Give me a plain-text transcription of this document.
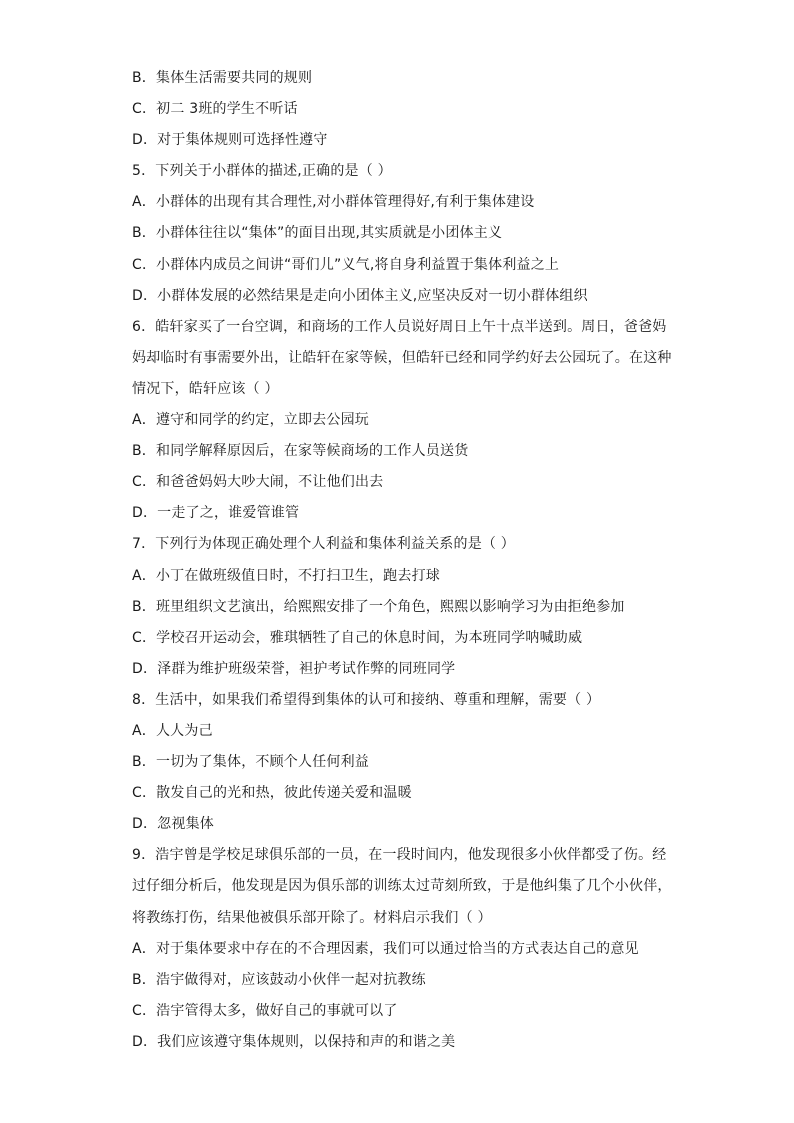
B．集体生活需要共同的规则
C．初二 3班的学生不听话
D．对于集体规则可选择性遵守
5．下列关于小群体的描述,正确的是（ ）
A．小群体的出现有其合理性,对小群体管理得好,有利于集体建设
B．小群体往往以“集体”的面目出现,其实质就是小团体主义
C．小群体内成员之间讲“哥们儿”义气,将自身利益置于集体利益之上
D．小群体发展的必然结果是走向小团体主义,应坚决反对一切小群体组织
6．皓轩家买了一台空调，和商场的工作人员说好周日上午十点半送到。周日，爸爸妈
妈却临时有事需要外出，让皓轩在家等候，但皓轩已经和同学约好去公园玩了。在这种
情况下，皓轩应该（ ）
A．遵守和同学的约定，立即去公园玩
B．和同学解释原因后，在家等候商场的工作人员送货
C．和爸爸妈妈大吵大闹，不让他们出去
D．一走了之，谁爱管谁管
7．下列行为体现正确处理个人利益和集体利益关系的是（ ）
A．小丁在做班级值日时，不打扫卫生，跑去打球
B．班里组织文艺演出，给熙熙安排了一个角色，熙熙以影响学习为由拒绝参加
C．学校召开运动会，雅琪牺牲了自己的休息时间，为本班同学呐喊助威
D．泽群为维护班级荣誉，袒护考试作弊的同班同学
8．生活中，如果我们希望得到集体的认可和接纳、尊重和理解，需要（ ）
A．人人为己
B．一切为了集体，不顾个人任何利益
C．散发自己的光和热，彼此传递关爱和温暖
D．忽视集体
9．浩宇曾是学校足球俱乐部的一员，在一段时间内，他发现很多小伙伴都受了伤。经
过仔细分析后，他发现是因为俱乐部的训练太过苛刻所致，于是他纠集了几个小伙伴，
将教练打伤，结果他被俱乐部开除了。材料启示我们（ ）
A．对于集体要求中存在的不合理因素，我们可以通过恰当的方式表达自己的意见
B．浩宇做得对，应该鼓动小伙伴一起对抗教练
C．浩宇管得太多，做好自己的事就可以了
D．我们应该遵守集体规则，以保持和声的和谐之美
